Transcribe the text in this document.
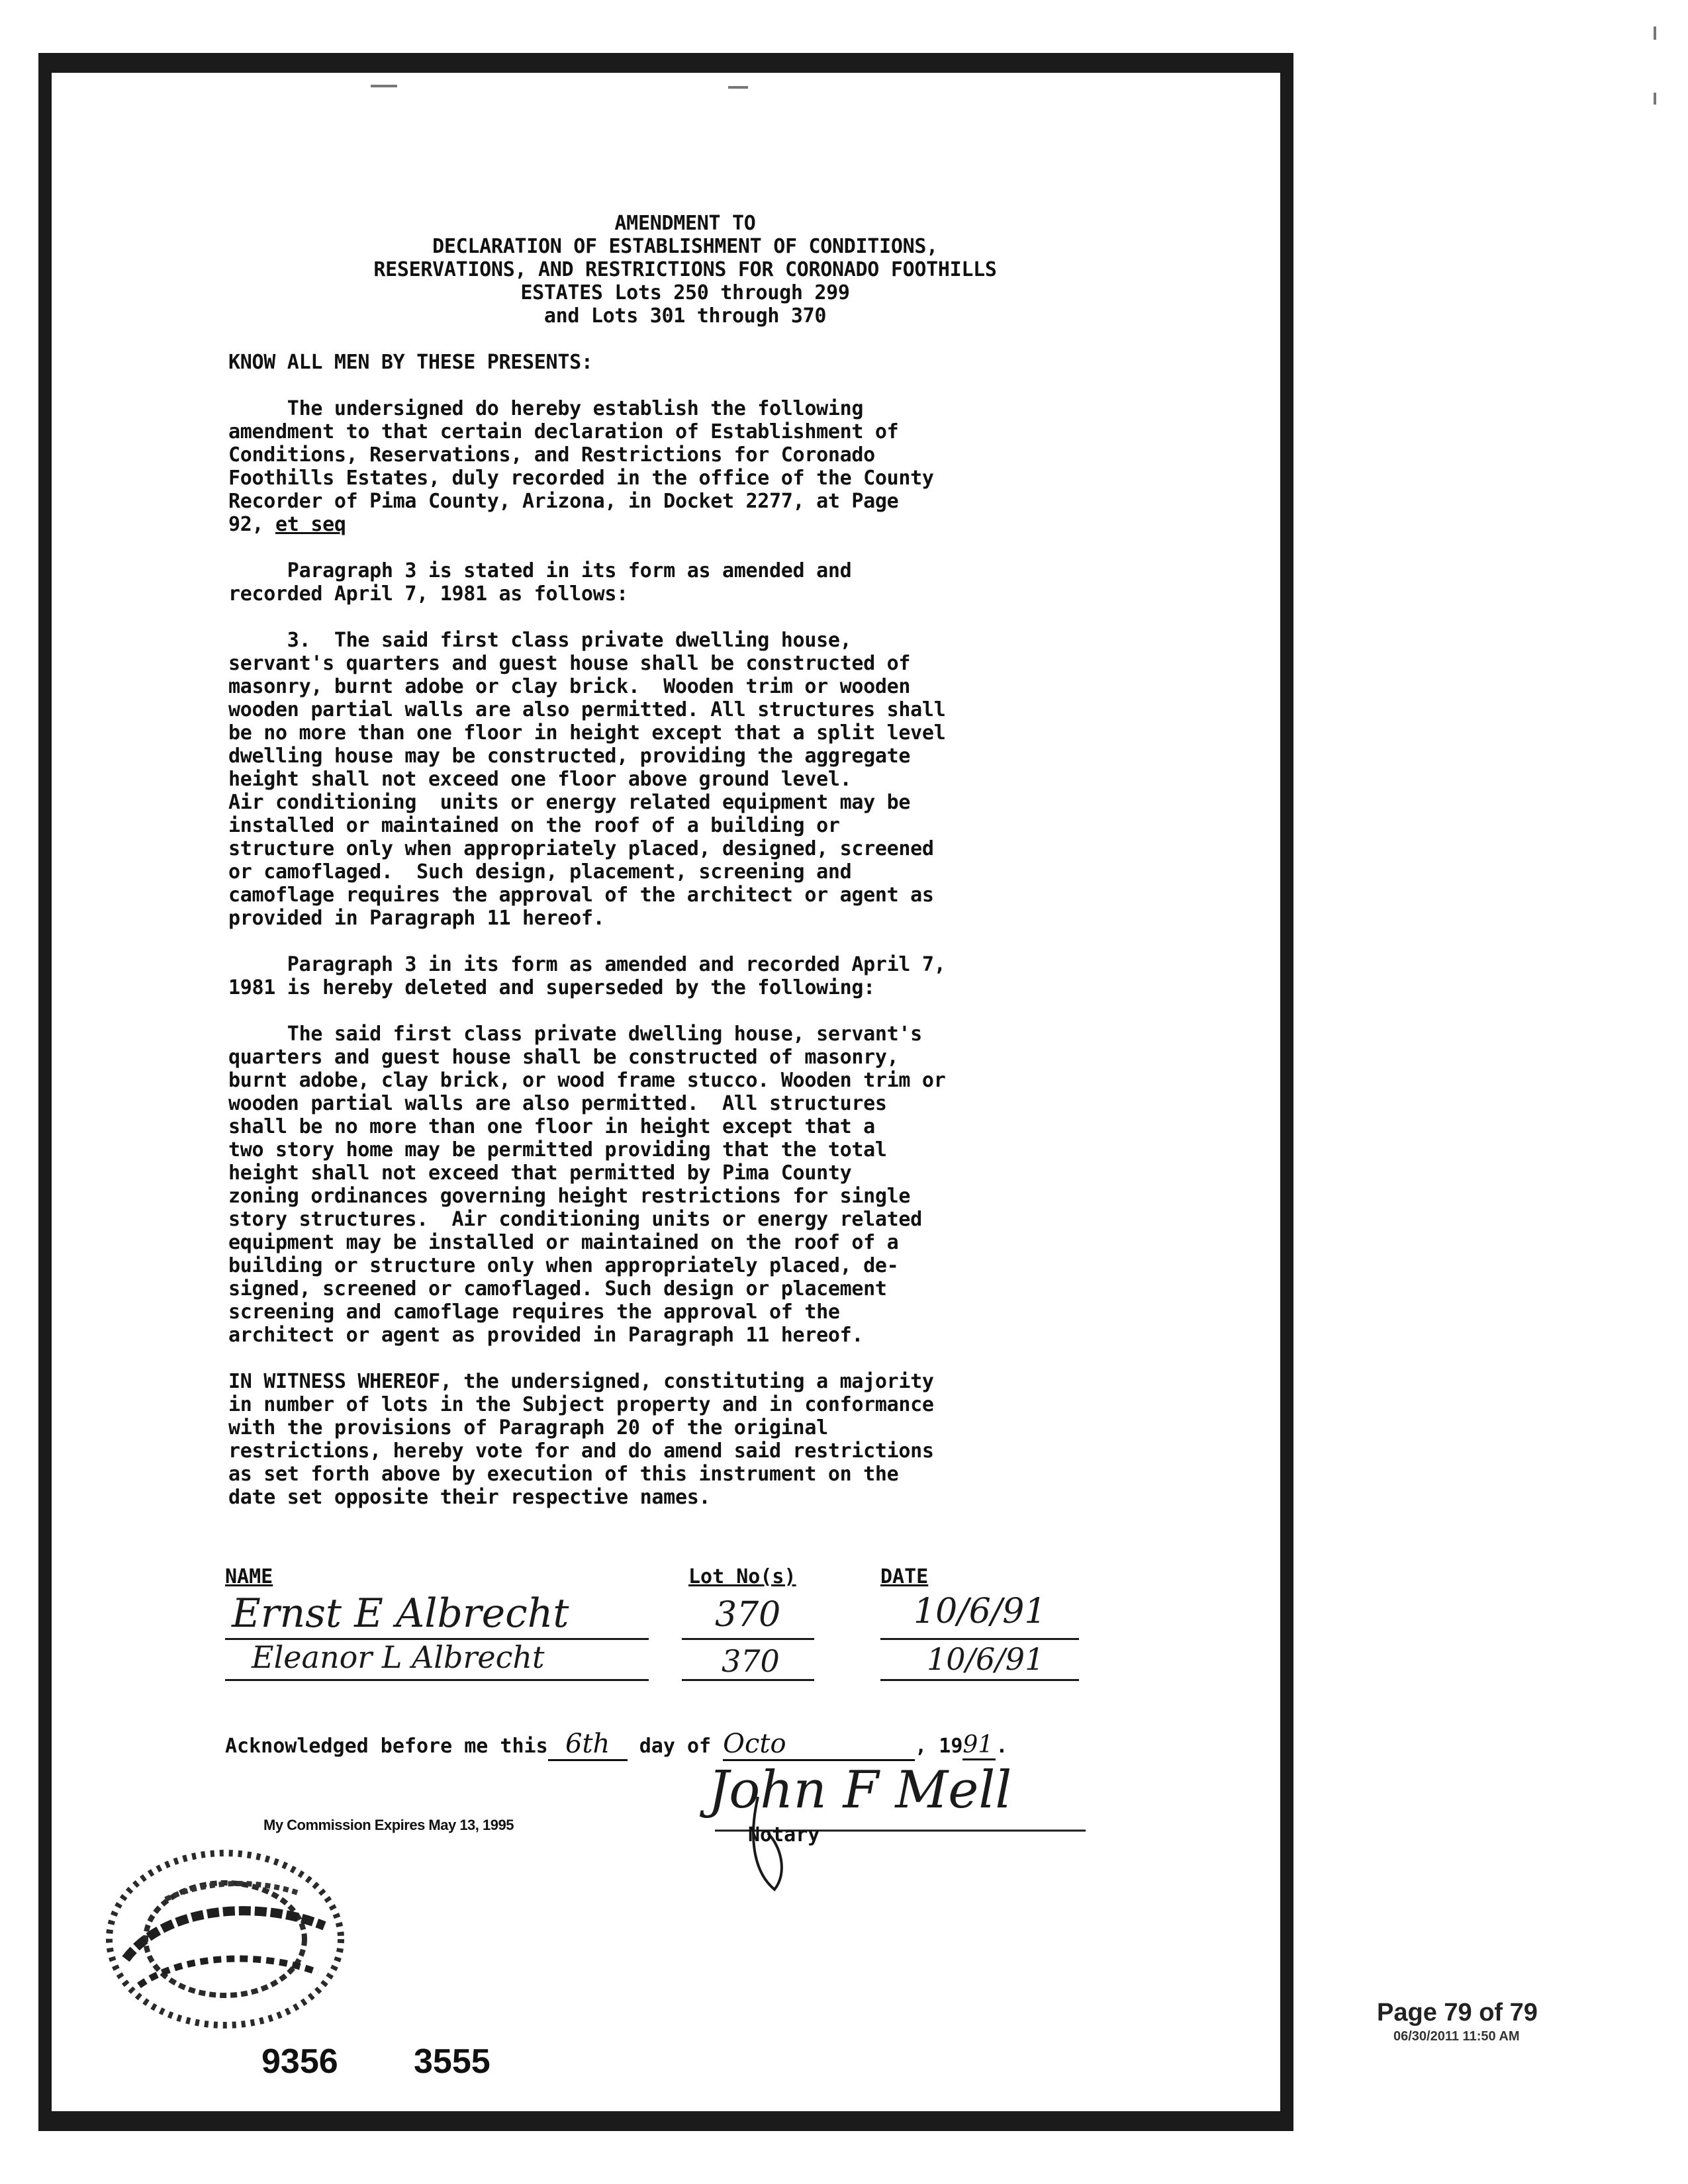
AMENDMENT TO
DECLARATION OF ESTABLISHMENT OF CONDITIONS,
RESERVATIONS, AND RESTRICTIONS FOR CORONADO FOOTHILLS
ESTATES Lots 250 through 299
and Lots 301 through 370
KNOW ALL MEN BY THESE PRESENTS:
The undersigned do hereby establish the following
amendment to that certain declaration of Establishment of
Conditions, Reservations, and Restrictions for Coronado
Foothills Estates, duly recorded in the office of the County
Recorder of Pima County, Arizona, in Docket 2277, at Page
92, et seq
Paragraph 3 is stated in its form as amended and
recorded April 7, 1981 as follows:
3.  The said first class private dwelling house,
servant's quarters and guest house shall be constructed of
masonry, burnt adobe or clay brick.  Wooden trim or wooden
wooden partial walls are also permitted. All structures shall
be no more than one floor in height except that a split level
dwelling house may be constructed, providing the aggregate
height shall not exceed one floor above ground level.
Air conditioning  units or energy related equipment may be
installed or maintained on the roof of a building or
structure only when appropriately placed, designed, screened
or camoflaged.  Such design, placement, screening and
camoflage requires the approval of the architect or agent as
provided in Paragraph 11 hereof.
Paragraph 3 in its form as amended and recorded April 7,
1981 is hereby deleted and superseded by the following:
The said first class private dwelling house, servant's
quarters and guest house shall be constructed of masonry,
burnt adobe, clay brick, or wood frame stucco. Wooden trim or
wooden partial walls are also permitted.  All structures
shall be no more than one floor in height except that a
two story home may be permitted providing that the total
height shall not exceed that permitted by Pima County
zoning ordinances governing height restrictions for single
story structures.  Air conditioning units or energy related
equipment may be installed or maintained on the roof of a
building or structure only when appropriately placed, de-
signed, screened or camoflaged. Such design or placement
screening and camoflage requires the approval of the
architect or agent as provided in Paragraph 11 hereof.
IN WITNESS WHEREOF, the undersigned, constituting a majority
in number of lots in the Subject property and in conformance
with the provisions of Paragraph 20 of the original
restrictions, hereby vote for and do amend said restrictions
as set forth above by execution of this instrument on the
date set opposite their respective names.
NAME	Lot No(s)	DATE
Ernst E Albrecht	370	10/6/91
Eleanor L Albrecht	370	10/6/91
Acknowledged before me this 6th day of Octo	, 1991 .
John F Mell
Notary
My Commission Expires May 13, 1995
9356 3555
Page 79 of 79
06/30/2011 11:50 AM
